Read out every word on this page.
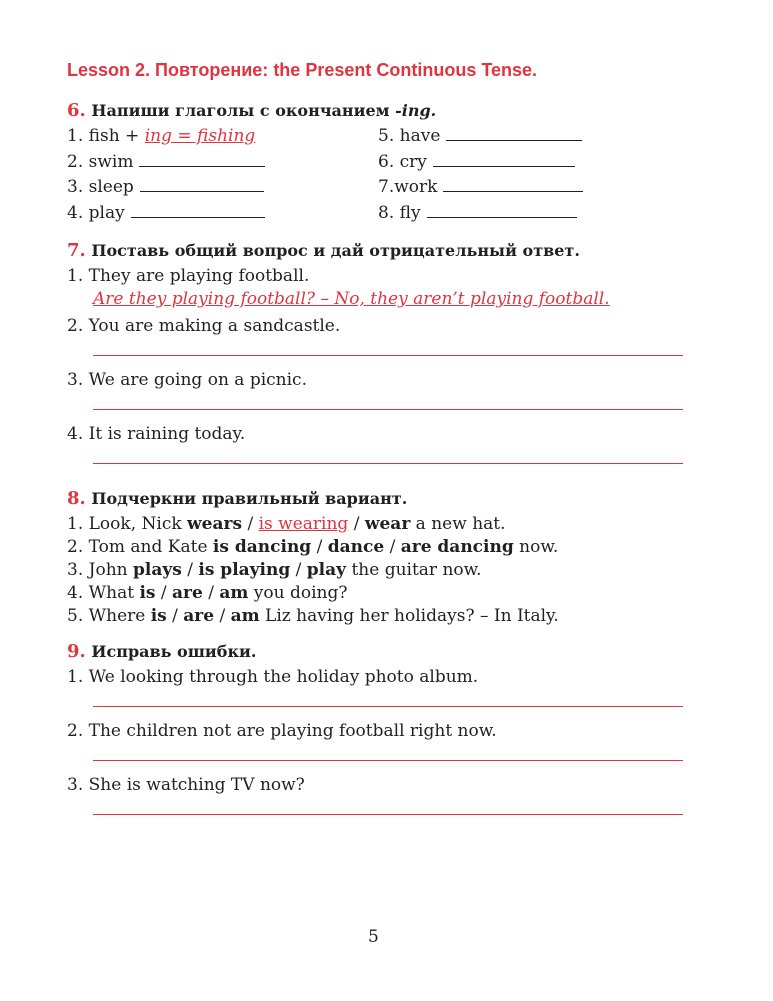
Lesson 2. Повторение: the Present Continuous Tense.
6. Напиши глаголы с окончанием -ing.
1. fish + ing = fishing
2. swim
3. sleep
4. play
5. have
6. cry
7.work
8. fly
7. Поставь общий вопрос и дай отрицательный ответ.
1. They are playing football.
Are they playing football? – No, they aren’t playing football.
2. You are making a sandcastle.
3. We are going on a picnic.
4. It is raining today.
8. Подчеркни правильный вариант.
1. Look, Nick wears / is wearing / wear a new hat.
2. Tom and Kate is dancing / dance / are dancing now.
3. John plays / is playing / play the guitar now.
4. What is / are / am you doing?
5. Where is / are / am Liz having her holidays? – In Italy.
9. Исправь ошибки.
1. We looking through the holiday photo album.
2. The children not are playing football right now.
3. She is watching TV now?
5
